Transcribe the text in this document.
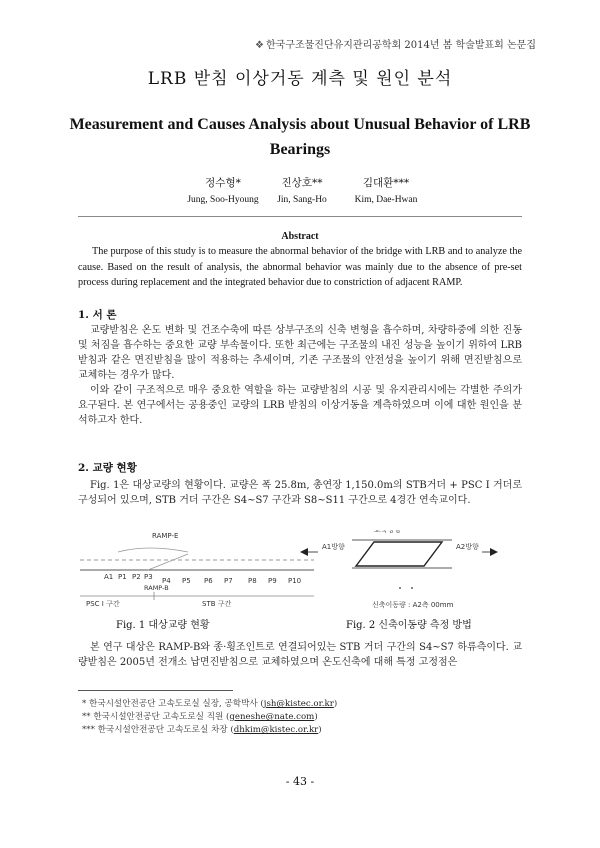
❖ 한국구조물진단유지관리공학회 2014년 봄 학술발표회 논문집
LRB 받침 이상거동 계측 및 원인 분석
Measurement and Causes Analysis about Unusual Behavior of LRB Bearings
정수형*
Jung, Soo-Hyoung
진상호**
Jin, Sang-Ho
김대환***
Kim, Dae-Hwan
Abstract
The purpose of this study is to measure the abnormal behavior of the bridge with LRB and to analyze the cause. Based on the result of analysis, the abnormal behavior was mainly due to the absence of pre-set process during replacement and the integrated behavior due to constriction of adjacent RAMP.
1. 서 론

교량받침은 온도 변화 및 건조수축에 따른 상부구조의 신축 변형을 흡수하며, 차량하중에 의한 진동 및 처짐을 흡수하는 중요한 교량 부속물이다. 또한 최근에는 구조물의 내진 성능을 높이기 위하여 LRB 받침과 같은 면진받침을 많이 적용하는 추세이며, 기존 구조물의 안전성을 높이기 위해 면진받침으로 교체하는 경우가 많다.

이와 같이 구조적으로 매우 중요한 역할을 하는 교량받침의 시공 및 유지관리시에는 각별한 주의가 요구된다. 본 연구에서는 공용중인 교량의 LRB 받침의 이상거동을 계측하였으며 이에 대한 원인을 분석하고자 한다.

2. 교량 현황

Fig. 1은 대상교량의 현황이다. 교량은 폭 25.8m, 총연장 1,150.0m의 STB거더 + PSC I 거더로 구성되어 있으며, STB 거더 구간은 S4~S7 구간과 S8~S11 구간으로 4경간 연속교이다.

RAMP-E
RAMP-B
A1 P1 P2 P3 P4 P5 P6 P7 P8 P9 P10
PSC I 구간	STB 구간
교축방향
A1방향	A2방향
신축이동량 : A2측 00mm
Fig. 1 대상교량 현황	Fig. 2 신축이동량 측정 방법

본 연구 대상은 RAMP-B와 종·횡조인트로 연결되어있는 STB 거더 구간의 S4~S7 하류측이다. 교량받침은 2005년 전개소 납면진받침으로 교체하였으며 온도신축에 대해 특정 고정점은

* 한국시설안전공단 고속도로실 실장, 공학박사 (jsh@kistec.or.kr)
** 한국시설안전공단 고속도로실 직원 (geneshe@nate.com)
*** 한국시설안전공단 고속도로실 차장 (dhkim@kistec.or.kr)
- 43 -
